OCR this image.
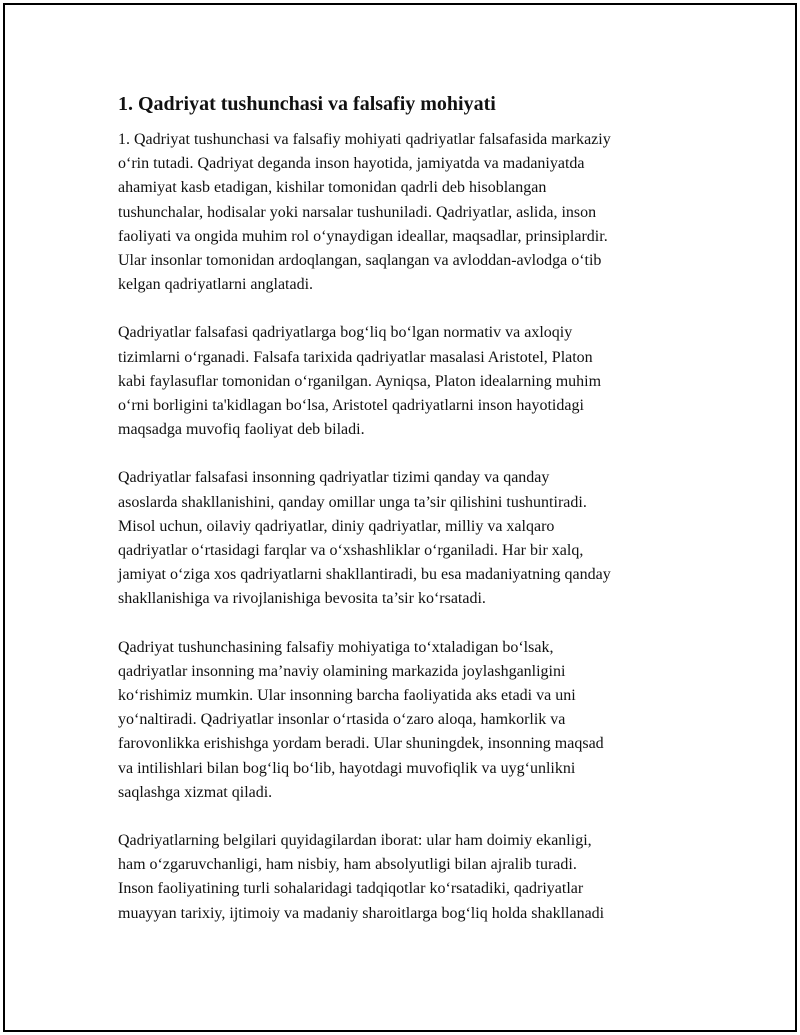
1. Qadriyat tushunchasi va falsafiy mohiyati
1. Qadriyat tushunchasi va falsafiy mohiyati qadriyatlar falsafasida markaziy
oʻrin tutadi. Qadriyat deganda inson hayotida, jamiyatda va madaniyatda
ahamiyat kasb etadigan, kishilar tomonidan qadrli deb hisoblangan
tushunchalar, hodisalar yoki narsalar tushuniladi. Qadriyatlar, aslida, inson
faoliyati va ongida muhim rol oʻynaydigan ideallar, maqsadlar, prinsiplardir.
Ular insonlar tomonidan ardoqlangan, saqlangan va avloddan-avlodga oʻtib
kelgan qadriyatlarni anglatadi.
Qadriyatlar falsafasi qadriyatlarga bogʻliq boʻlgan normativ va axloqiy
tizimlarni oʻrganadi. Falsafa tarixida qadriyatlar masalasi Aristotel, Platon
kabi faylasuflar tomonidan oʻrganilgan. Ayniqsa, Platon idealarning muhim
oʻrni borligini ta'kidlagan boʻlsa, Aristotel qadriyatlarni inson hayotidagi
maqsadga muvofiq faoliyat deb biladi.
Qadriyatlar falsafasi insonning qadriyatlar tizimi qanday va qanday
asoslarda shakllanishini, qanday omillar unga ta’sir qilishini tushuntiradi.
Misol uchun, oilaviy qadriyatlar, diniy qadriyatlar, milliy va xalqaro
qadriyatlar oʻrtasidagi farqlar va oʻxshashliklar oʻrganiladi. Har bir xalq,
jamiyat oʻziga xos qadriyatlarni shakllantiradi, bu esa madaniyatning qanday
shakllanishiga va rivojlanishiga bevosita ta’sir koʻrsatadi.
Qadriyat tushunchasining falsafiy mohiyatiga toʻxtaladigan boʻlsak,
qadriyatlar insonning ma’naviy olamining markazida joylashganligini
koʻrishimiz mumkin. Ular insonning barcha faoliyatida aks etadi va uni
yoʻnaltiradi. Qadriyatlar insonlar oʻrtasida oʻzaro aloqa, hamkorlik va
farovonlikka erishishga yordam beradi. Ular shuningdek, insonning maqsad
va intilishlari bilan bogʻliq boʻlib, hayotdagi muvofiqlik va uygʻunlikni
saqlashga xizmat qiladi.
Qadriyatlarning belgilari quyidagilardan iborat: ular ham doimiy ekanligi,
ham oʻzgaruvchanligi, ham nisbiy, ham absolyutligi bilan ajralib turadi.
Inson faoliyatining turli sohalaridagi tadqiqotlar koʻrsatadiki, qadriyatlar
muayyan tarixiy, ijtimoiy va madaniy sharoitlarga bogʻliq holda shakllanadi
